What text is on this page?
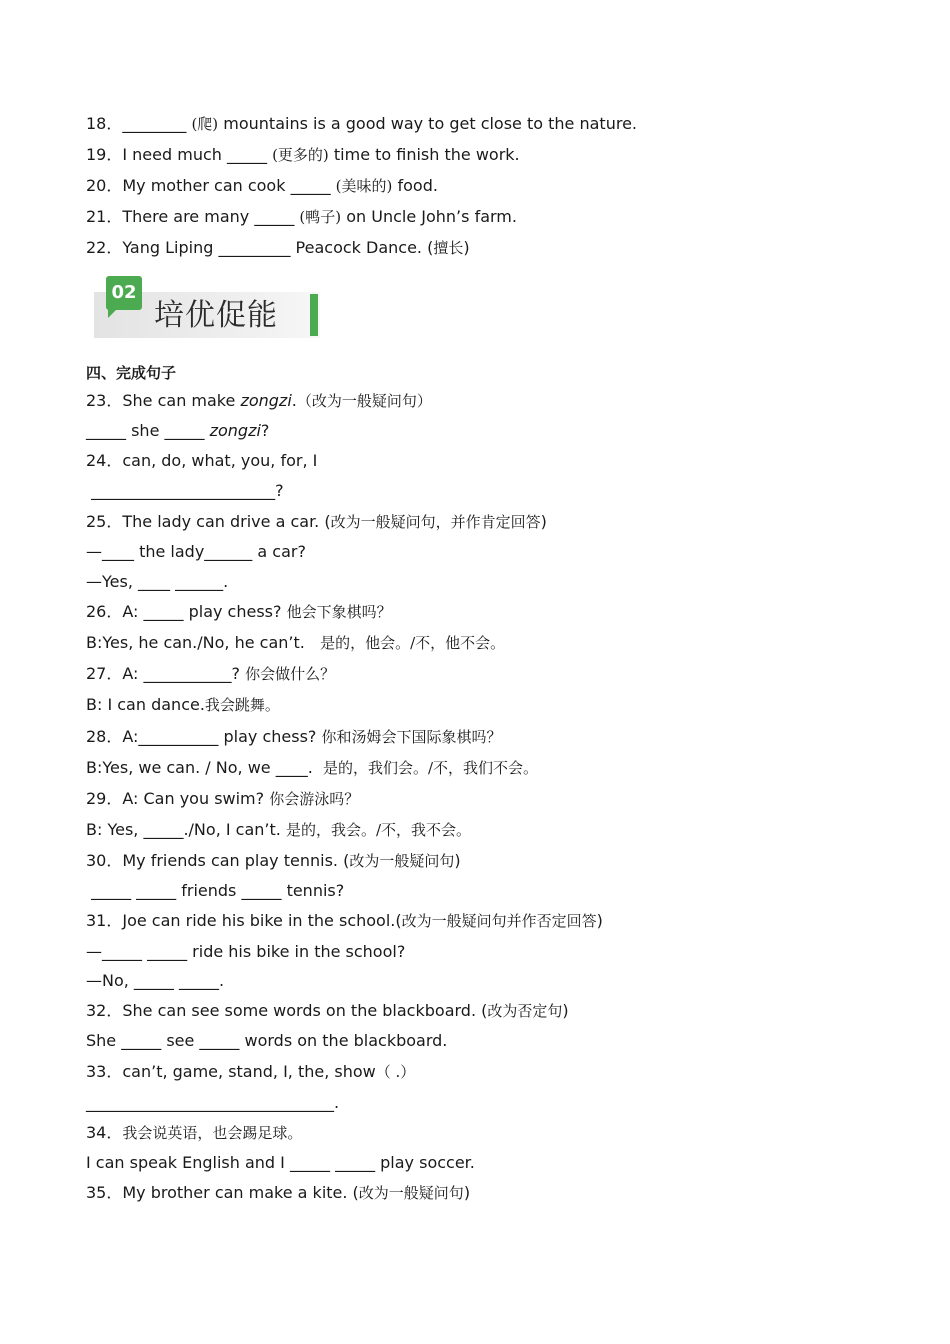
18．________ (爬) mountains is a good way to get close to the nature.
19．I need much _____ (更多的) time to finish the work.
20．My mother can cook _____ (美味的) food.
21．There are many _____ (鸭子) on Uncle John’s farm.
22．Yang Liping _________ Peacock Dance. (擅长)
02
培优促能
四、完成句子
23．She can make zongzi.（改为一般疑问句）
_____ she _____ zongzi?
24．can, do, what, you, for, I
_______________________?
25．The lady can drive a car. (改为一般疑问句，并作肯定回答)
—____ the lady______ a car?
—Yes, ____ ______.
26．A: _____ play chess? 他会下象棋吗？
B:Yes, he can./No, he can’t.   是的，他会。/不，他不会。
27．A: ___________? 你会做什么？
B: I can dance.我会跳舞。
28．A:__________ play chess? 你和汤姆会下国际象棋吗？
B:Yes, we can. / No, we ____.  是的，我们会。/不，我们不会。
29．A: Can you swim? 你会游泳吗？
B: Yes, _____./No, I can’t. 是的，我会。/不，我不会。
30．My friends can play tennis. (改为一般疑问句)
_____ _____ friends _____ tennis?
31．Joe can ride his bike in the school.(改为一般疑问句并作否定回答)
—_____ _____ ride his bike in the school?
—No, _____ _____.
32．She can see some words on the blackboard. (改为否定句)
She _____ see _____ words on the blackboard.
33．can’t, game, stand, I, the, show（ .）
_______________________________.
34．我会说英语，也会踢足球。
I can speak English and I _____ _____ play soccer.
35．My brother can make a kite. (改为一般疑问句)
